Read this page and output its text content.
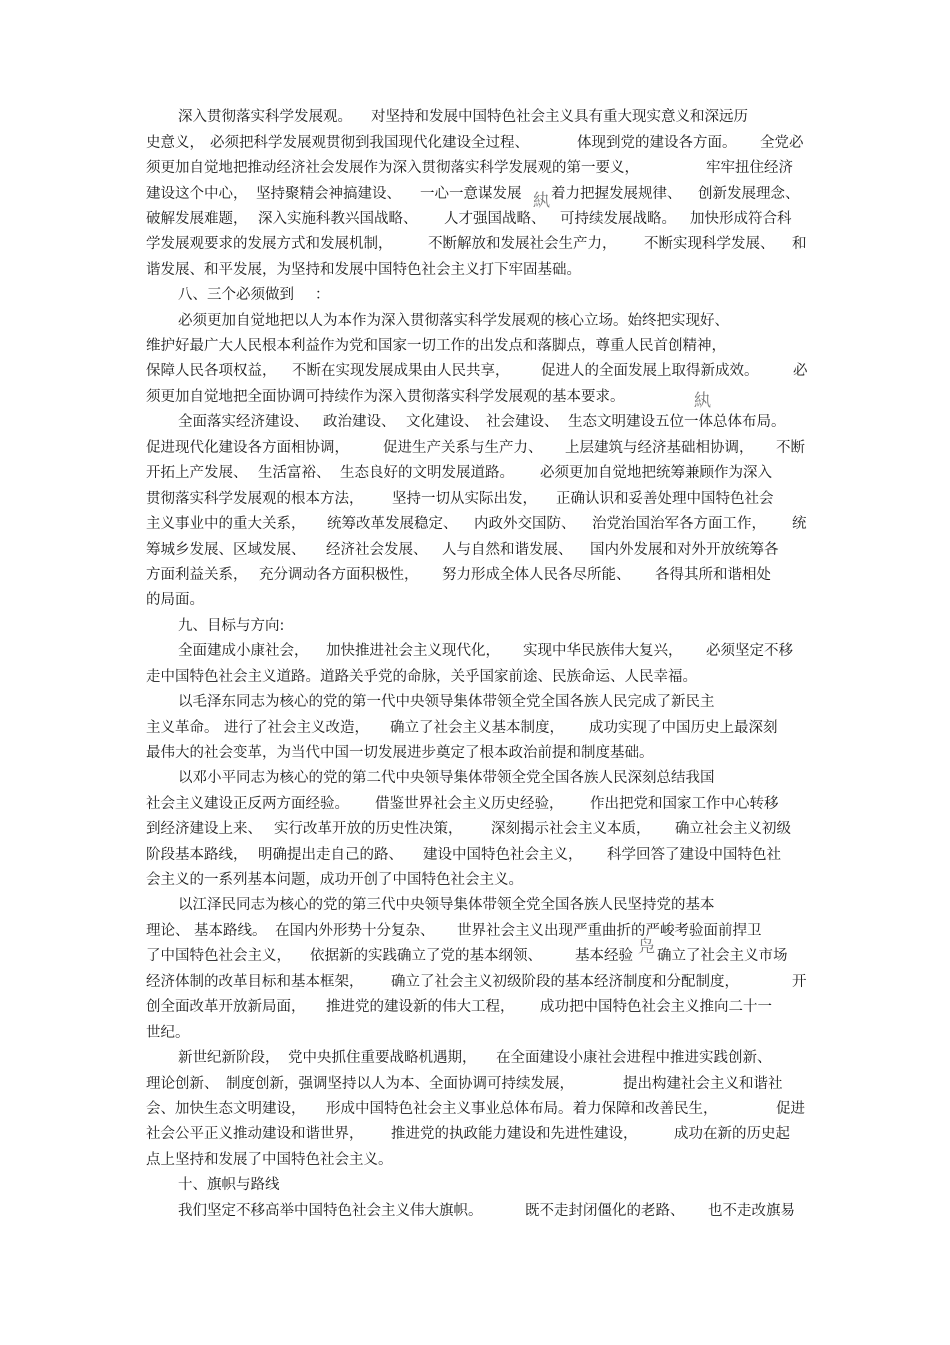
深入贯彻落实科学发展观。 对坚持和发展中国特色社会主义具有重大现实意义和深远历
史意义， 必须把科学发展观贯彻到我国现代化建设全过程、	体现到党的建设各方面。 全党必
须更加自觉地把推动经济社会发展作为深入贯彻落实科学发展观的第一要义，	牢牢扭住经济
建设这个中心， 坚持聚精会神搞建设、 一心一意谋发展 着力把握发展规律、 创新发展理念、
破解发展难题， 深入实施科教兴国战略、 人才强国战略、 可持续发展战略。 加快形成符合科
学发展观要求的发展方式和发展机制， 不断解放和发展社会生产力， 不断实现科学发展、 和
谐发展、和平发展，为坚持和发展中国特色社会主义打下牢固基础。
八、三个必须做到 ：
必须更加自觉地把以人为本作为深入贯彻落实科学发展观的核心立场。始终把实现好、
维护好最广大人民根本利益作为党和国家一切工作的出发点和落脚点，尊重人民首创精神，
保障人民各项权益， 不断在实现发展成果由人民共享， 促进人的全面发展上取得新成效。 必
须更加自觉地把全面协调可持续作为深入贯彻落实科学发展观的基本要求。
全面落实经济建设、 政治建设、 文化建设、 社会建设、 生态文明建设五位一体总体布局。
促进现代化建设各方面相协调， 促进生产关系与生产力、 上层建筑与经济基础相协调， 不断
开拓上产发展、 生活富裕、 生态良好的文明发展道路。 必须更加自觉地把统筹兼顾作为深入
贯彻落实科学发展观的根本方法， 坚持一切从实际出发， 正确认识和妥善处理中国特色社会
主义事业中的重大关系， 统筹改革发展稳定、 内政外交国防、 治党治国治军各方面工作， 统
筹城乡发展、区域发展、 经济社会发展、 人与自然和谐发展、 国内外发展和对外开放统筹各
方面利益关系， 充分调动各方面积极性， 努力形成全体人民各尽所能、 各得其所和谐相处
的局面。
九、目标与方向:
全面建成小康社会， 加快推进社会主义现代化， 实现中华民族伟大复兴， 必须坚定不移
走中国特色社会主义道路。道路关乎党的命脉，关乎国家前途、民族命运、人民幸福。
以毛泽东同志为核心的党的第一代中央领导集体带领全党全国各族人民完成了新民主
主义革命。 进行了社会主义改造， 确立了社会主义基本制度， 成功实现了中国历史上最深刻
最伟大的社会变革，为当代中国一切发展进步奠定了根本政治前提和制度基础。
以邓小平同志为核心的党的第二代中央领导集体带领全党全国各族人民深刻总结我国
社会主义建设正反两方面经验。 借鉴世界社会主义历史经验， 作出把党和国家工作中心转移
到经济建设上来、 实行改革开放的历史性决策， 深刻揭示社会主义本质， 确立社会主义初级
阶段基本路线， 明确提出走自己的路、 建设中国特色社会主义， 科学回答了建设中国特色社
会主义的一系列基本问题，成功开创了中国特色社会主义。
以江泽民同志为核心的党的第三代中央领导集体带领全党全国各族人民坚持党的基本
理论、 基本路线。 在国内外形势十分复杂、 世界社会主义出现严重曲折的严峻考验面前捍卫
了中国特色社会主义， 依据新的实践确立了党的基本纲领、 基本经验 确立了社会主义市场
经济体制的改革目标和基本框架， 确立了社会主义初级阶段的基本经济制度和分配制度，	开
创全面改革开放新局面， 推进党的建设新的伟大工程， 成功把中国特色社会主义推向二十一
世纪。
新世纪新阶段， 党中央抓住重要战略机遇期， 在全面建设小康社会进程中推进实践创新、
理论创新、 制度创新，强调坚持以人为本、全面协调可持续发展，	提出构建社会主义和谐社
会、加快生态文明建设， 形成中国特色社会主义事业总体布局。着力保障和改善民生，	促进
社会公平正义推动建设和谐世界， 推进党的执政能力建设和先进性建设，	成功在新的历史起
点上坚持和发展了中国特色社会主义。
十、旗帜与路线
我们坚定不移高举中国特色社会主义伟大旗帜。	既不走封闭僵化的老路、 也不走改旗易
紈
紈
凫
